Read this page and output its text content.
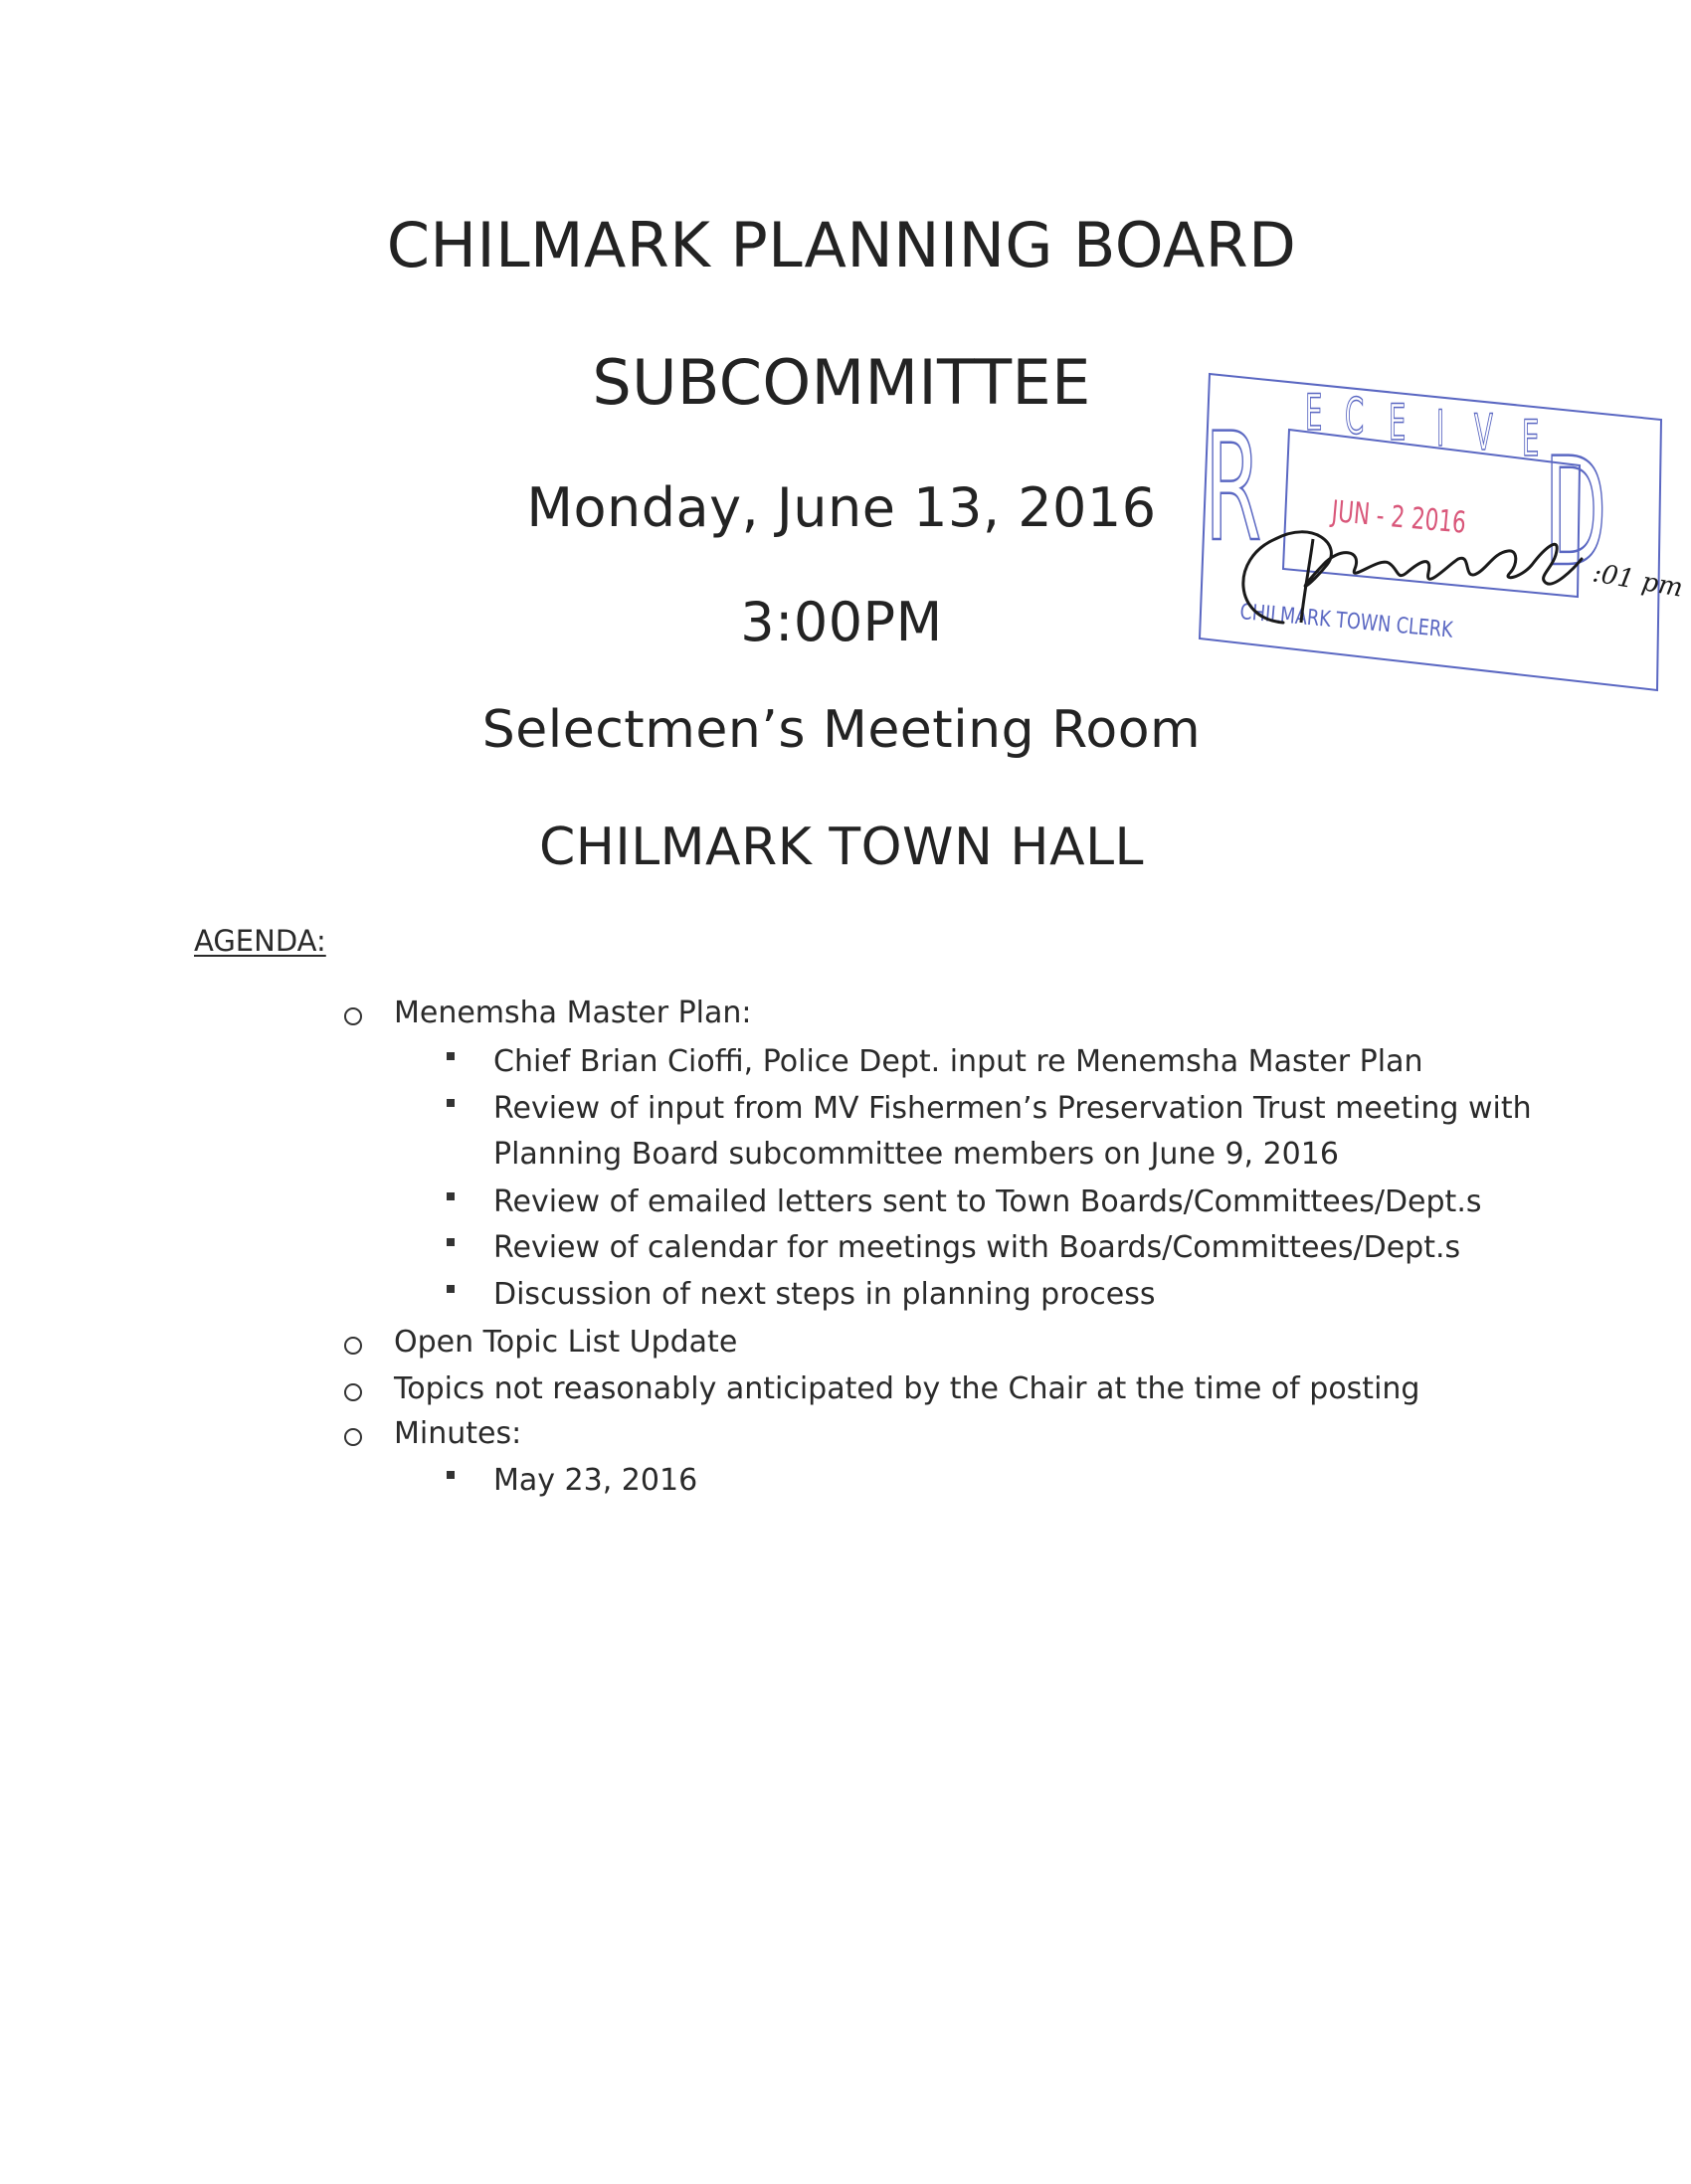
CHILMARK PLANNING BOARD
SUBCOMMITTEE
Monday, June 13, 2016
3:00PM
Selectmen’s Meeting Room
CHILMARK TOWN HALL
AGENDA:
Menemsha Master Plan:
Chief Brian Cioffi, Police Dept. input re Menemsha Master Plan
Review of input from MV Fishermen’s Preservation Trust meeting with
Planning Board subcommittee members on June 9, 2016
Review of emailed letters sent to Town Boards/Committees/Dept.s
Review of calendar for meetings with Boards/Committees/Dept.s
Discussion of next steps in planning process
Open Topic List Update
Topics not reasonably anticipated by the Chair at the time of posting
Minutes:
May 23, 2016
R D
E C E I V E
JUN - 2 2016
CHILMARK TOWN CLERK
:01 pm
